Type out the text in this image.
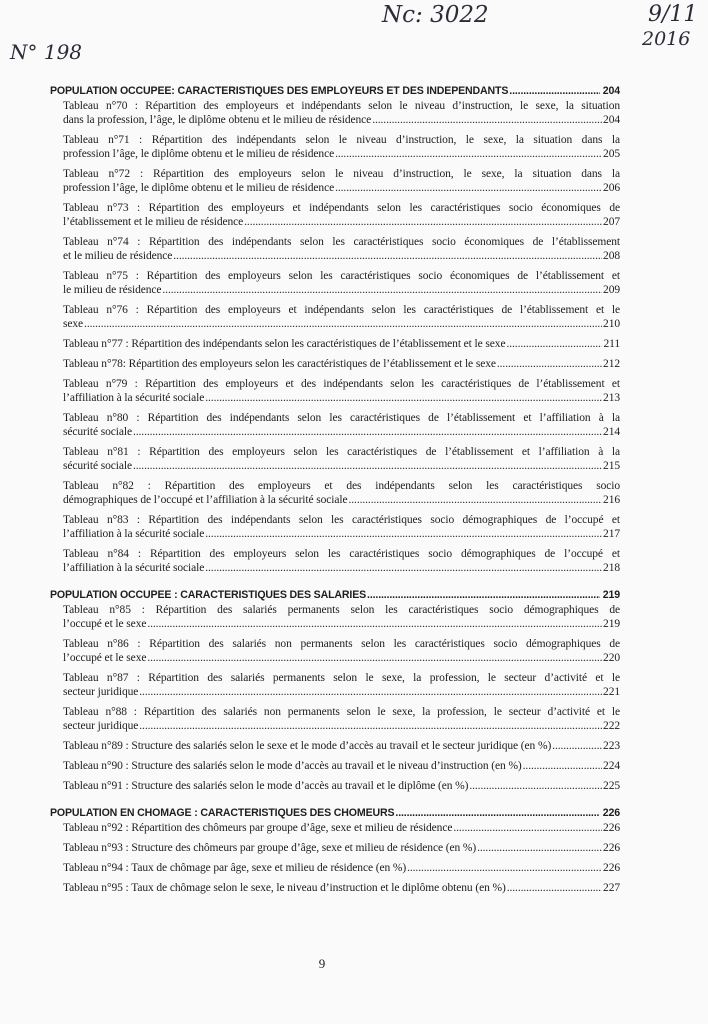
N° 198
Nc: 3022	9/11
2016
POPULATION OCCUPEE: CARACTERISTIQUES DES EMPLOYEURS ET DES INDEPENDANTS .....	204
Tableau n°70 : Répartition des employeurs et indépendants selon le niveau d’instruction, le sexe, la situation
dans la profession, l’âge, le diplôme obtenu et le milieu de résidence .....	204
Tableau n°71 : Répartition des indépendants selon le niveau d’instruction, le sexe, la situation dans la
profession l’âge, le diplôme obtenu et le milieu de résidence .....	205
Tableau n°72 : Répartition des employeurs selon le niveau d’instruction, le sexe, la situation dans la
profession l’âge, le diplôme obtenu et le milieu de résidence .....	206
Tableau n°73 : Répartition des employeurs et indépendants selon les caractéristiques socio économiques de
l’établissement et le milieu de résidence .....	207
Tableau n°74 : Répartition des indépendants selon les caractéristiques socio économiques de l’établissement
et le milieu de résidence .....	208
Tableau n°75 : Répartition des employeurs selon les caractéristiques socio économiques de l’établissement et
le milieu de résidence .....	209
Tableau n°76 : Répartition des employeurs et indépendants selon les caractéristiques de l’établissement et le
sexe .....	210
Tableau n°77 : Répartition des indépendants selon les caractéristiques de l’établissement et le sexe .....	211
Tableau n°78: Répartition des employeurs selon les caractéristiques de l’établissement et le sexe .....	212
Tableau n°79 : Répartition des employeurs et des indépendants selon les caractéristiques de l’établissement et
l’affiliation à la sécurité sociale .....	213
Tableau n°80 : Répartition des indépendants selon les caractéristiques de l’établissement et l’affiliation à la
sécurité sociale .....	214
Tableau n°81 : Répartition des employeurs selon les caractéristiques de l’établissement et l’affiliation à la
sécurité sociale .....	215
Tableau n°82 : Répartition des employeurs et des indépendants selon les caractéristiques socio
démographiques de l’occupé et l’affiliation à la sécurité sociale .....	216
Tableau n°83 : Répartition des indépendants selon les caractéristiques socio démographiques de l’occupé et
l’affiliation à la sécurité sociale .....	217
Tableau n°84 : Répartition des employeurs selon les caractéristiques socio démographiques de l’occupé et
l’affiliation à la sécurité sociale .....	218
POPULATION OCCUPEE : CARACTERISTIQUES DES SALARIES .....	219
Tableau n°85 : Répartition des salariés permanents selon les caractéristiques socio démographiques de
l’occupé et le sexe .....	219
Tableau n°86 : Répartition des salariés non permanents selon les caractéristiques socio démographiques de
l’occupé et le sexe .....	220
Tableau n°87 : Répartition des salariés permanents selon le sexe, la profession, le secteur d’activité et le
secteur juridique .....	221
Tableau n°88 : Répartition des salariés non permanents selon le sexe, la profession, le secteur d’activité et le
secteur juridique .....	222
Tableau n°89 : Structure des salariés selon le sexe et le mode d’accès au travail et le secteur juridique (en %) .....	223
Tableau n°90 : Structure des salariés selon le mode d’accès au travail et le niveau d’instruction (en %) .....	224
Tableau n°91 : Structure des salariés selon le mode d’accès au travail et le diplôme (en %) .....	225
POPULATION EN CHOMAGE : CARACTERISTIQUES DES CHOMEURS .....	226
Tableau n°92 : Répartition des chômeurs par groupe d’âge, sexe et milieu de résidence .....	226
Tableau n°93 : Structure des chômeurs par groupe d’âge, sexe et milieu de résidence (en %) .....	226
Tableau n°94 : Taux de chômage par âge, sexe et milieu de résidence (en %) .....	226
Tableau n°95 : Taux de chômage selon le sexe, le niveau d’instruction et le diplôme obtenu (en %) .....	227
9
